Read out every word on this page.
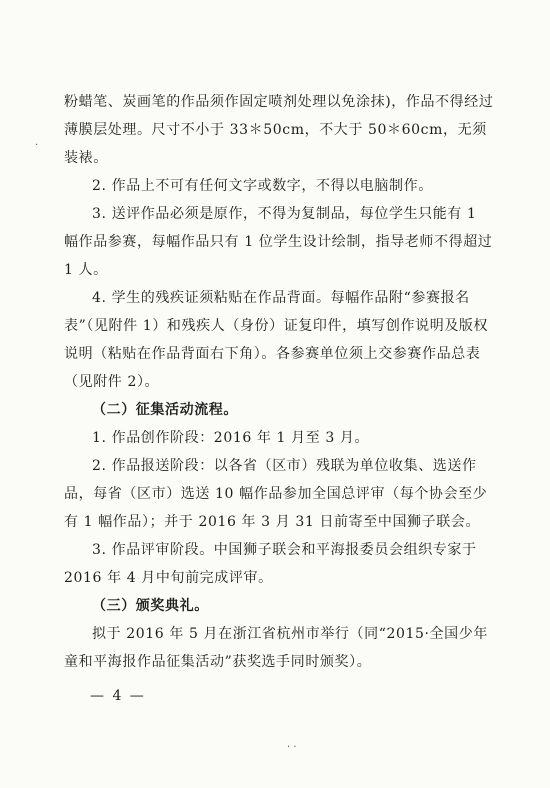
粉蜡笔、炭画笔的作品须作固定喷剂处理以免涂抹)，作品不得经过薄膜层处理。尺寸不小于 33＊50cm，不大于 50＊60cm，无须装裱。

2. 作品上不可有任何文字或数字，不得以电脑制作。

3. 送评作品必须是原作，不得为复制品，每位学生只能有 1 幅作品参赛，每幅作品只有 1 位学生设计绘制，指导老师不得超过 1 人。

4. 学生的残疾证须粘贴在作品背面。每幅作品附“参赛报名表”（见附件 1）和残疾人（身份）证复印件，填写创作说明及版权说明（粘贴在作品背面右下角）。各参赛单位须上交参赛作品总表（见附件 2）。

（二）征集活动流程。

1. 作品创作阶段：2016 年 1 月至 3 月。

2. 作品报送阶段：以各省（区市）残联为单位收集、选送作品，每省（区市）选送 10 幅作品参加全国总评审（每个协会至少有 1 幅作品）；并于 2016 年 3 月 31 日前寄至中国狮子联会。

3. 作品评审阶段。中国狮子联会和平海报委员会组织专家于 2016 年 4 月中旬前完成评审。

（三）颁奖典礼。

拟于 2016 年 5 月在浙江省杭州市举行（同“2015·全国少年童和平海报作品征集活动”获奖选手同时颁奖）。

— 4 —
·
· ·
